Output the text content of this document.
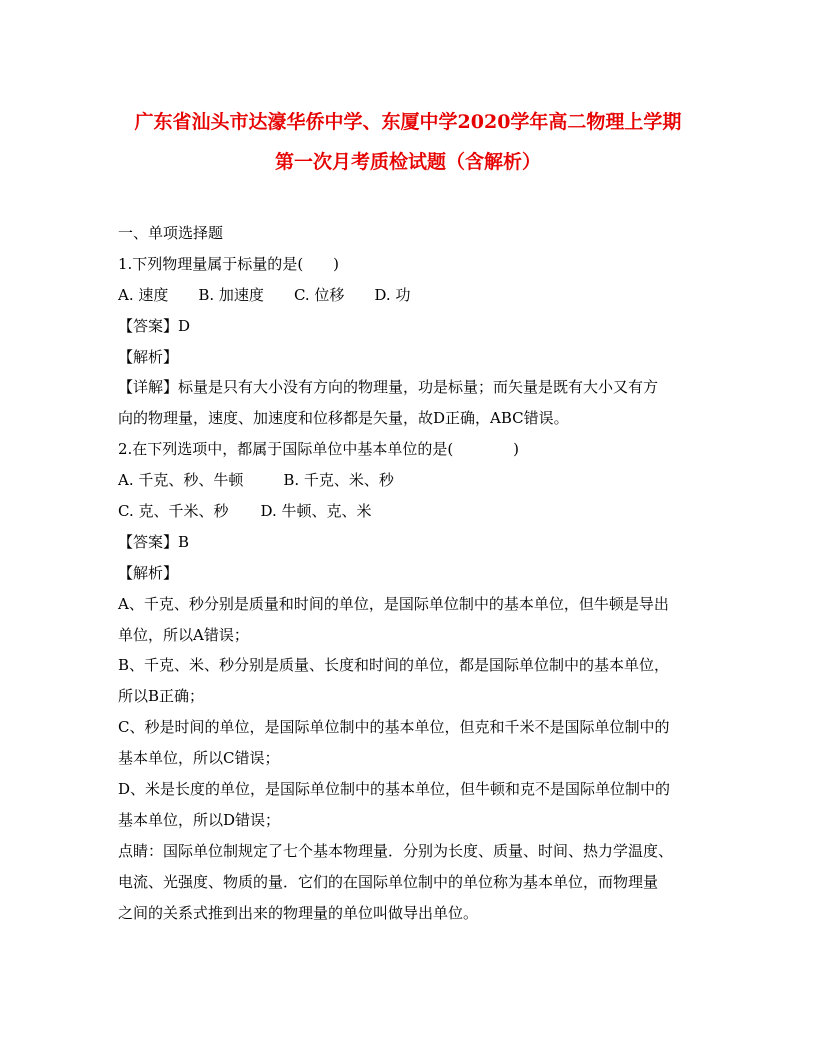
广东省汕头市达濠华侨中学、东厦中学2020学年高二物理上学期
第一次月考质检试题（含解析）
一、单项选择题
1.下列物理量属于标量的是(　　)
A. 速度 B. 加速度 C. 位移 D. 功
【答案】D
【解析】
【详解】标量是只有大小没有方向的物理量，功是标量；而矢量是既有大小又有方
向的物理量，速度、加速度和位移都是矢量，故D正确，ABC错误。
2.在下列选项中，都属于国际单位中基本单位的是(　　　　)
A. 千克、秒、牛顿	B. 千克、米、秒
C. 克、千米、秒 D. 牛顿、克、米
【答案】B
【解析】
A、千克、秒分别是质量和时间的单位，是国际单位制中的基本单位，但牛顿是导出
单位，所以A错误；
B、千克、米、秒分别是质量、长度和时间的单位，都是国际单位制中的基本单位，
所以B正确；
C、秒是时间的单位，是国际单位制中的基本单位，但克和千米不是国际单位制中的
基本单位，所以C错误；
D、米是长度的单位，是国际单位制中的基本单位，但牛顿和克不是国际单位制中的
基本单位，所以D错误；
点睛：国际单位制规定了七个基本物理量．分别为长度、质量、时间、热力学温度、
电流、光强度、物质的量．它们的在国际单位制中的单位称为基本单位，而物理量
之间的关系式推到出来的物理量的单位叫做导出单位。
